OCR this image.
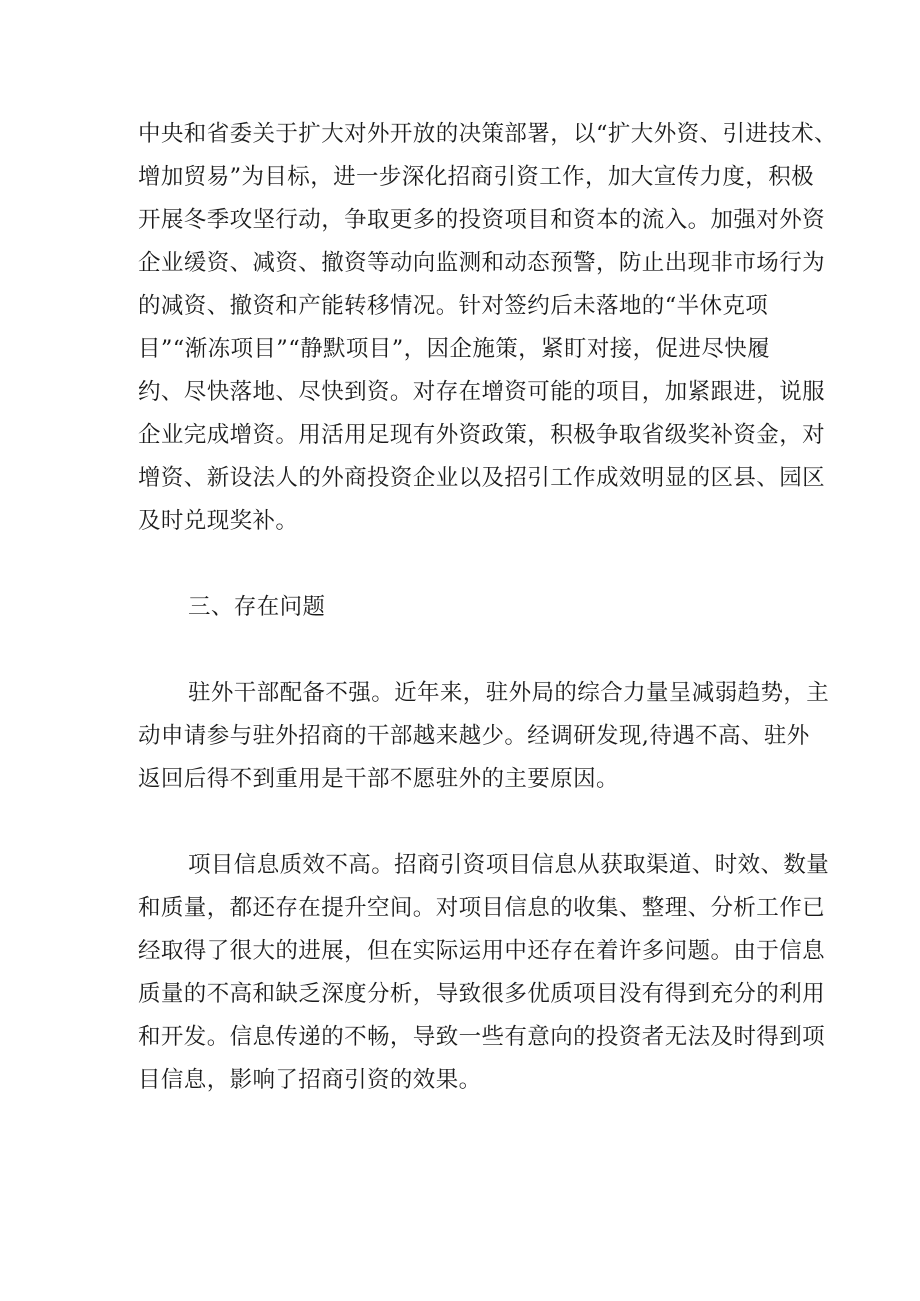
中央和省委关于扩大对外开放的决策部署，以“扩大外资、引进技术、
增加贸易”为目标，进一步深化招商引资工作，加大宣传力度，积极
开展冬季攻坚行动，争取更多的投资项目和资本的流入。加强对外资
企业缓资、减资、撤资等动向监测和动态预警，防止出现非市场行为
的减资、撤资和产能转移情况。针对签约后未落地的“半休克项
目”“渐冻项目”“静默项目”，因企施策，紧盯对接，促进尽快履
约、尽快落地、尽快到资。对存在增资可能的项目，加紧跟进，说服
企业完成增资。用活用足现有外资政策，积极争取省级奖补资金，对
增资、新设法人的外商投资企业以及招引工作成效明显的区县、园区
及时兑现奖补。
三、存在问题
驻外干部配备不强。近年来，驻外局的综合力量呈减弱趋势，主
动申请参与驻外招商的干部越来越少。经调研发现,待遇不高、驻外
返回后得不到重用是干部不愿驻外的主要原因。
项目信息质效不高。招商引资项目信息从获取渠道、时效、数量
和质量，都还存在提升空间。对项目信息的收集、整理、分析工作已
经取得了很大的进展，但在实际运用中还存在着许多问题。由于信息
质量的不高和缺乏深度分析，导致很多优质项目没有得到充分的利用
和开发。信息传递的不畅，导致一些有意向的投资者无法及时得到项
目信息，影响了招商引资的效果。
